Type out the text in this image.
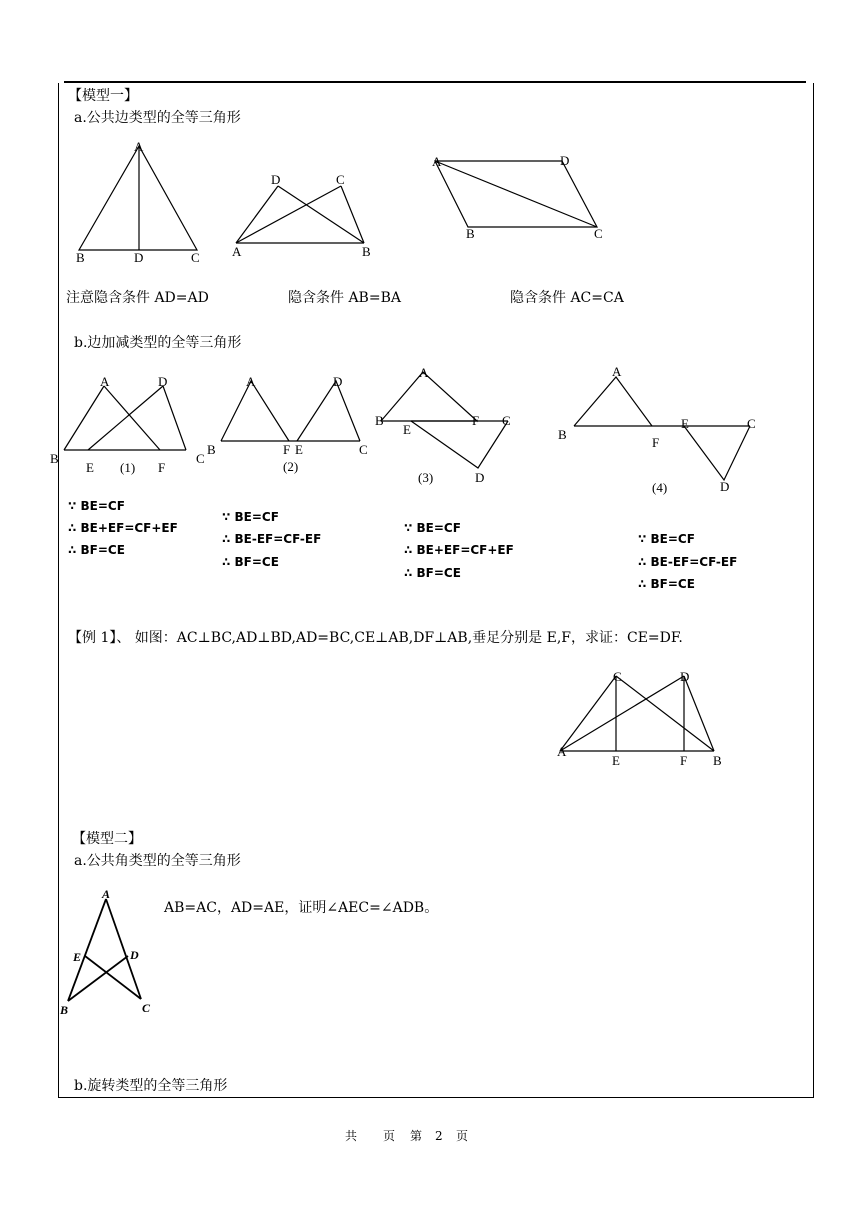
【模型一】
a.公共边类型的全等三角形
A
B	D	C
D	C
A	B
A	D
B	C
注意隐含条件 AD=AD	隐含条件 AB=BA	隐含条件 AC=CA
b.边加减类型的全等三角形
A	D
B
E	F
C
(1)
A	D
B	F E	C
(2)
A
B
E
F C
D
(3)
A
B
F
E	C
D
(4)
∵ BE=CF
∴ BE+EF=CF+EF
∴ BF=CE
∵ BE=CF
∴ BE-EF=CF-EF
∴ BF=CE
∵ BE=CF
∴ BE+EF=CF+EF
∴ BF=CE
∵ BE=CF
∴ BE-EF=CF-EF
∴ BF=CE
【例 1】、 如图：AC⊥BC,AD⊥BD,AD=BC,CE⊥AB,DF⊥AB,垂足分别是 E,F，求证：CE=DF.
A
C	D
E	F B
【模型二】
a.公共角类型的全等三角形
AB=AC，AD=AE，证明∠AEC=∠ADB。
A
E	D
B	C
b.旋转类型的全等三角形
共 页 第 2 页
